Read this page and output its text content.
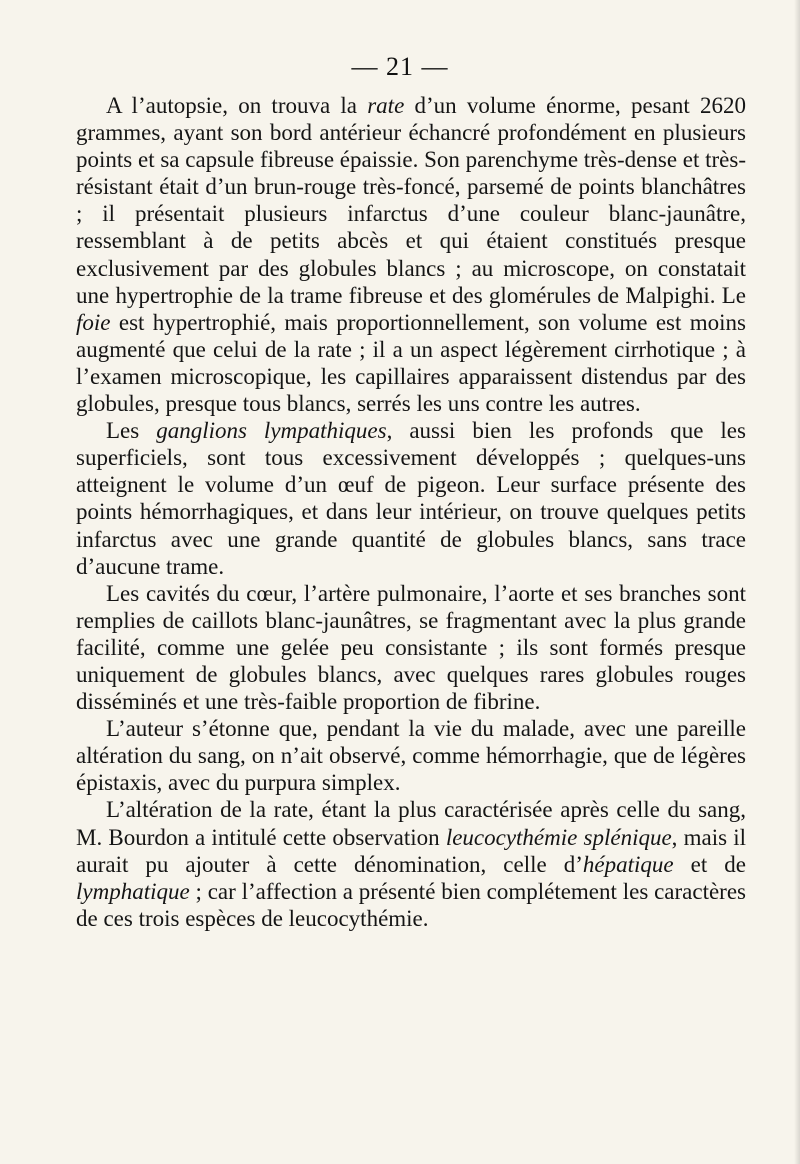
— 21 —

A l’autopsie, on trouva la rate d’un volume énorme, pesant 2620 grammes, ayant son bord antérieur échancré profondément en plusieurs points et sa capsule fibreuse épaissie. Son parenchyme très-dense et très-résistant était d’un brun-rouge très-foncé, parsemé de points blanchâtres ; il présentait plusieurs infarctus d’une couleur blanc-jaunâtre, ressemblant à de petits abcès et qui étaient constitués presque exclusivement par des globules blancs ; au microscope, on constatait une hypertrophie de la trame fibreuse et des glomérules de Malpighi. Le foie est hypertrophié, mais proportionnellement, son volume est moins augmenté que celui de la rate ; il a un aspect légèrement cirrhotique ; à l’examen microscopique, les capillaires apparaissent distendus par des globules, presque tous blancs, serrés les uns contre les autres.

Les ganglions lympathiques, aussi bien les profonds que les superficiels, sont tous excessivement développés ; quelques-uns atteignent le volume d’un œuf de pigeon. Leur surface présente des points hémorrhagiques, et dans leur intérieur, on trouve quelques petits infarctus avec une grande quantité de globules blancs, sans trace d’aucune trame.

Les cavités du cœur, l’artère pulmonaire, l’aorte et ses branches sont remplies de caillots blanc-jaunâtres, se fragmentant avec la plus grande facilité, comme une gelée peu consistante ; ils sont formés presque uniquement de globules blancs, avec quelques rares globules rouges disséminés et une très-faible proportion de fibrine.

L’auteur s’étonne que, pendant la vie du malade, avec une pareille altération du sang, on n’ait observé, comme hémorrhagie, que de légères épistaxis, avec du purpura simplex.

L’altération de la rate, étant la plus caractérisée après celle du sang, M. Bourdon a intitulé cette observation leucocythémie splénique, mais il aurait pu ajouter à cette dénomination, celle d’hépatique et de lymphatique ; car l’affection a présenté bien complétement les caractères de ces trois espèces de leucocythémie.
